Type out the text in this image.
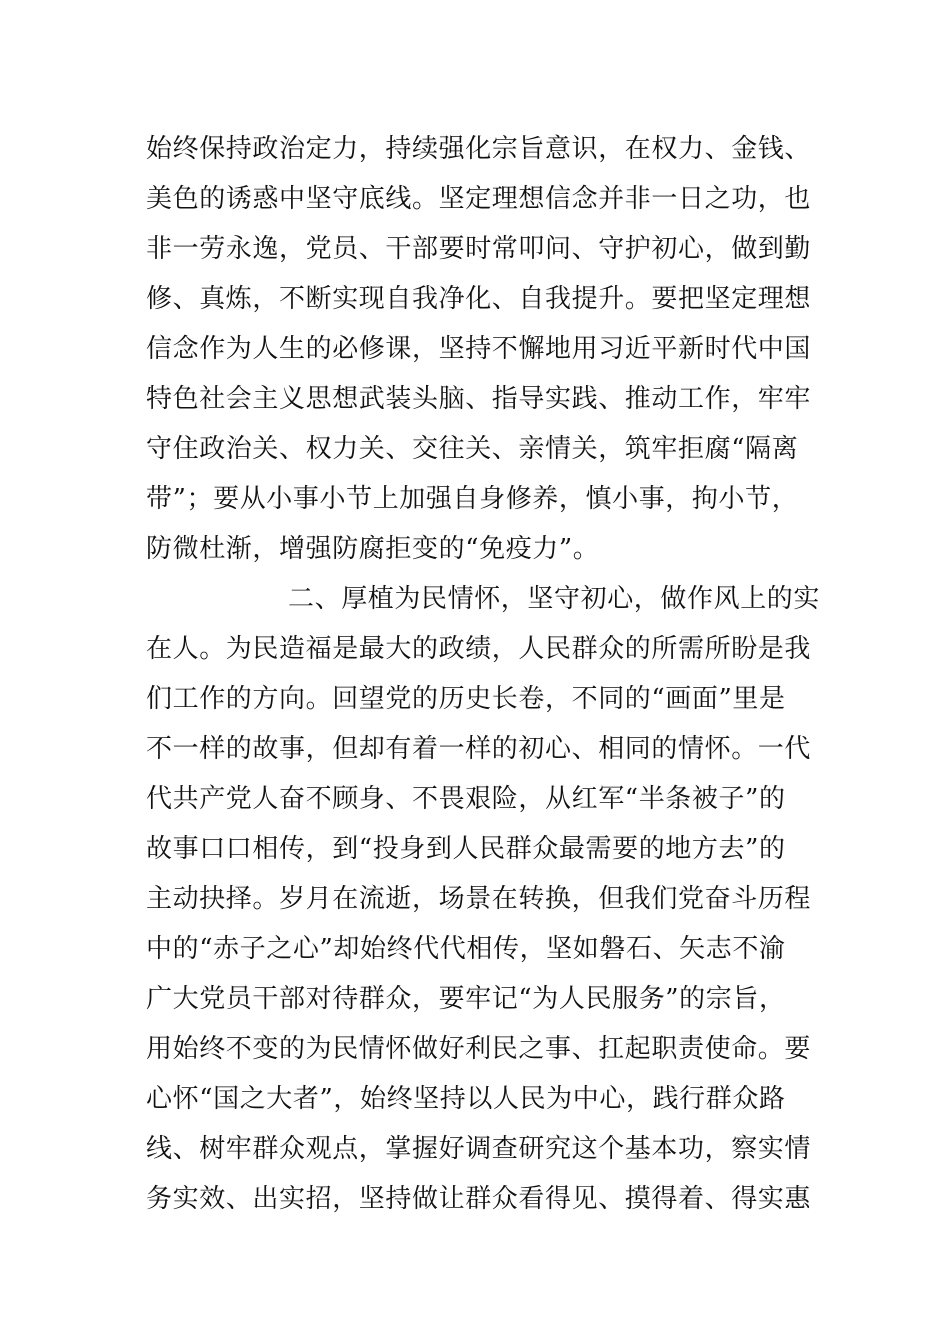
始终保持政治定力，持续强化宗旨意识，在权力、金钱、
美色的诱惑中坚守底线。坚定理想信念并非一日之功，也
非一劳永逸，党员、干部要时常叩问、守护初心，做到勤
修、真炼，不断实现自我净化、自我提升。要把坚定理想
信念作为人生的必修课，坚持不懈地用习近平新时代中国
特色社会主义思想武装头脑、指导实践、推动工作，牢牢
守住政治关、权力关、交往关、亲情关，筑牢拒腐“隔离
带”；要从小事小节上加强自身修养，慎小事，拘小节，
防微杜渐，增强防腐拒变的“免疫力”。
二、厚植为民情怀，坚守初心，做作风上的实
在人。为民造福是最大的政绩，人民群众的所需所盼是我
们工作的方向。回望党的历史长卷，不同的“画面”里是
不一样的故事，但却有着一样的初心、相同的情怀。一代
代共产党人奋不顾身、不畏艰险，从红军“半条被子”的
故事口口相传，到“投身到人民群众最需要的地方去”的
主动抉择。岁月在流逝，场景在转换，但我们党奋斗历程
中的“赤子之心”却始终代代相传，坚如磐石、矢志不渝
广大党员干部对待群众，要牢记“为人民服务”的宗旨，
用始终不变的为民情怀做好利民之事、扛起职责使命。要
心怀“国之大者”，始终坚持以人民为中心，践行群众路
线、树牢群众观点，掌握好调查研究这个基本功，察实情
务实效、出实招，坚持做让群众看得见、摸得着、得实惠
